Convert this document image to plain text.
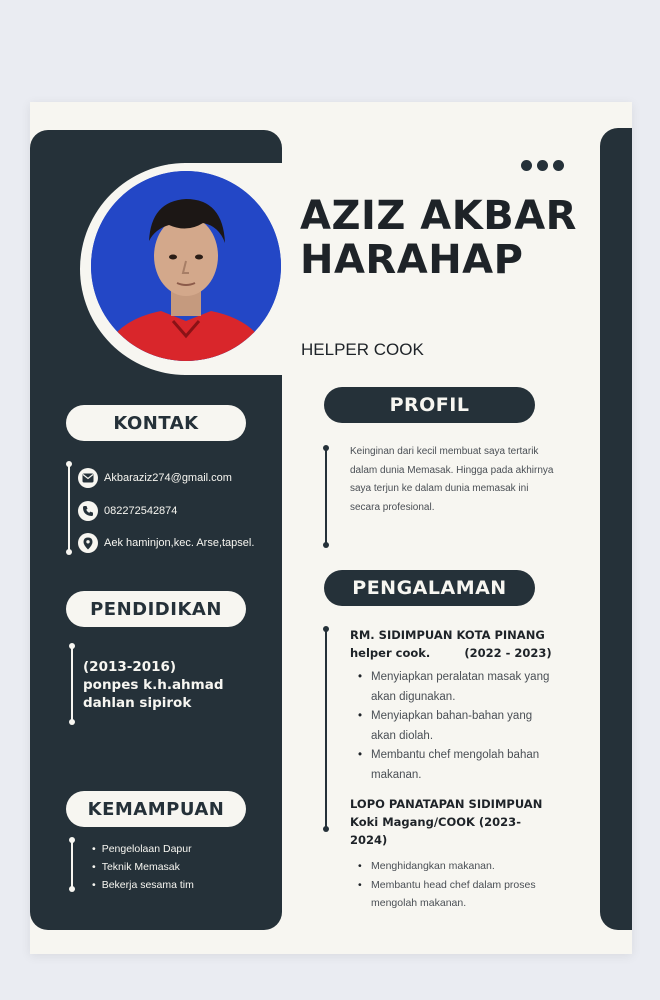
AZIZ AKBAR HARAHAP
HELPER COOK
KONTAK
Akbaraziz274@gmail.com
082272542874
Aek haminjon,kec. Arse,tapsel.
PENDIDIKAN
(2013-2016)
ponpes k.h.ahmad
dahlan sipirok
KEMAMPUAN
• Pengelolaan Dapur
• Teknik Memasak
• Bekerja sesama tim
PROFIL
Keinginan dari kecil membuat saya tertarik dalam dunia Memasak. Hingga pada akhirnya saya terjun ke dalam dunia memasak ini secara profesional.
PENGALAMAN
RM. SIDIMPUAN KOTA PINANG
helper cook.	(2022 - 2023)
• Menyiapkan peralatan masak yang akan digunakan.
• Menyiapkan bahan-bahan yang akan diolah.
• Membantu chef mengolah bahan makanan.
LOPO PANATAPAN SIDIMPUAN
Koki Magang/COOK (2023-
2024)
• Menghidangkan makanan.
• Membantu head chef dalam proses mengolah makanan.
